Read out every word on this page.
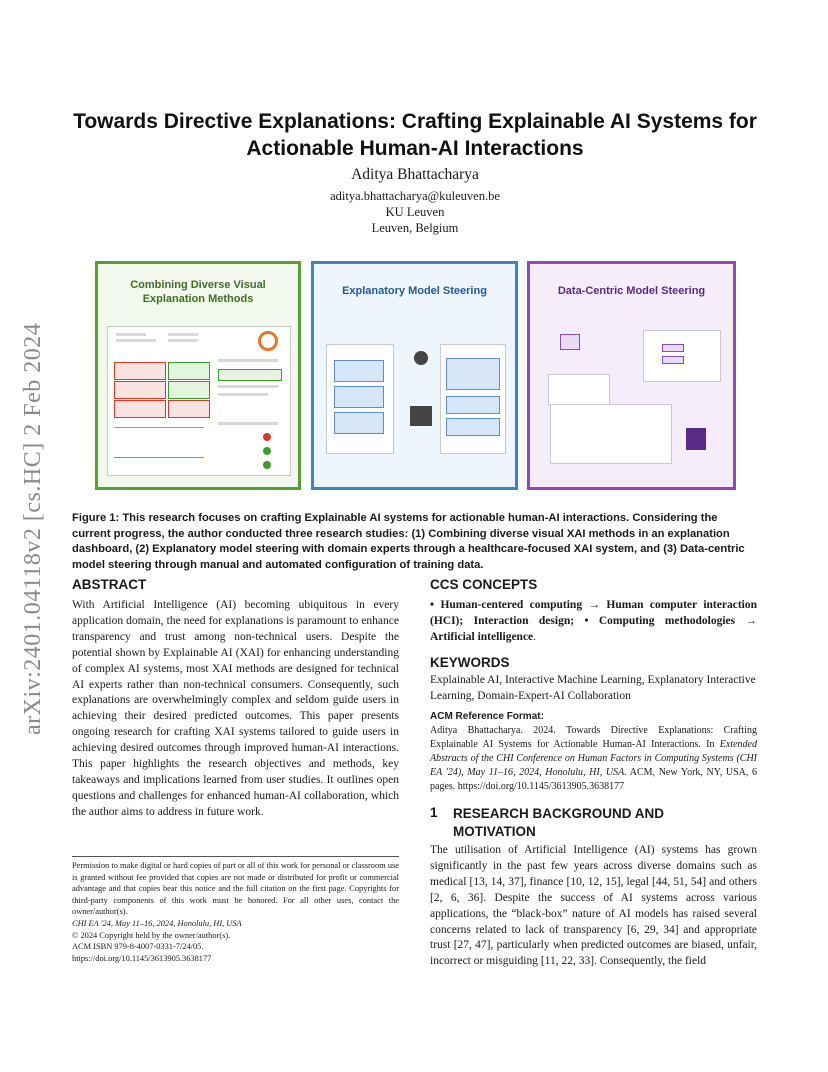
arXiv:2401.04118v2 [cs.HC] 2 Feb 2024
Towards Directive Explanations: Crafting Explainable AI Systems for Actionable Human-AI Interactions
Aditya Bhattacharya
aditya.bhattacharya@kuleuven.be
KU Leuven
Leuven, Belgium
Combining Diverse Visual Explanation Methods
Explanatory Model Steering	Data-Centric Model Steering
Figure 1: This research focuses on crafting Explainable AI systems for actionable human-AI interactions. Considering the current progress, the author conducted three research studies: (1) Combining diverse visual XAI methods in an explanation dashboard, (2) Explanatory model steering with domain experts through a healthcare-focused XAI system, and (3) Data-centric model steering through manual and automated configuration of training data.
ABSTRACT
With Artificial Intelligence (AI) becoming ubiquitous in every application domain, the need for explanations is paramount to enhance transparency and trust among non-technical users. Despite the potential shown by Explainable AI (XAI) for enhancing understanding of complex AI systems, most XAI methods are designed for technical AI experts rather than non-technical consumers. Consequently, such explanations are overwhelmingly complex and seldom guide users in achieving their desired predicted outcomes. This paper presents ongoing research for crafting XAI systems tailored to guide users in achieving desired outcomes through improved human-AI interactions. This paper highlights the research objectives and methods, key takeaways and implications learned from user studies. It outlines open questions and challenges for enhanced human-AI collaboration, which the author aims to address in future work.
Permission to make digital or hard copies of part or all of this work for personal or classroom use is granted without fee provided that copies are not made or distributed for profit or commercial advantage and that copies bear this notice and the full citation on the first page. Copyrights for third-party components of this work must be honored. For all other uses, contact the owner/author(s).
CHI EA '24, May 11–16, 2024, Honolulu, HI, USA
© 2024 Copyright held by the owner/author(s).
ACM ISBN 979-8-4007-0331-7/24/05.
https://doi.org/10.1145/3613905.3638177
CCS CONCEPTS
• Human-centered computing → Human computer interaction (HCI); Interaction design; • Computing methodologies → Artificial intelligence.
KEYWORDS
Explainable AI, Interactive Machine Learning, Explanatory Interactive Learning, Domain-Expert-AI Collaboration
ACM Reference Format:
Aditya Bhattacharya. 2024. Towards Directive Explanations: Crafting Explainable AI Systems for Actionable Human-AI Interactions. In Extended Abstracts of the CHI Conference on Human Factors in Computing Systems (CHI EA '24), May 11–16, 2024, Honolulu, HI, USA. ACM, New York, NY, USA, 6 pages. https://doi.org/10.1145/3613905.3638177
1 RESEARCH BACKGROUND AND MOTIVATION
The utilisation of Artificial Intelligence (AI) systems has grown significantly in the past few years across diverse domains such as medical [13, 14, 37], finance [10, 12, 15], legal [44, 51, 54] and others [2, 6, 36]. Despite the success of AI systems across various applications, the “black-box” nature of AI models has raised several concerns related to lack of transparency [6, 29, 34] and appropriate trust [27, 47], particularly when predicted outcomes are biased, unfair, incorrect or misguiding [11, 22, 33]. Consequently, the field
